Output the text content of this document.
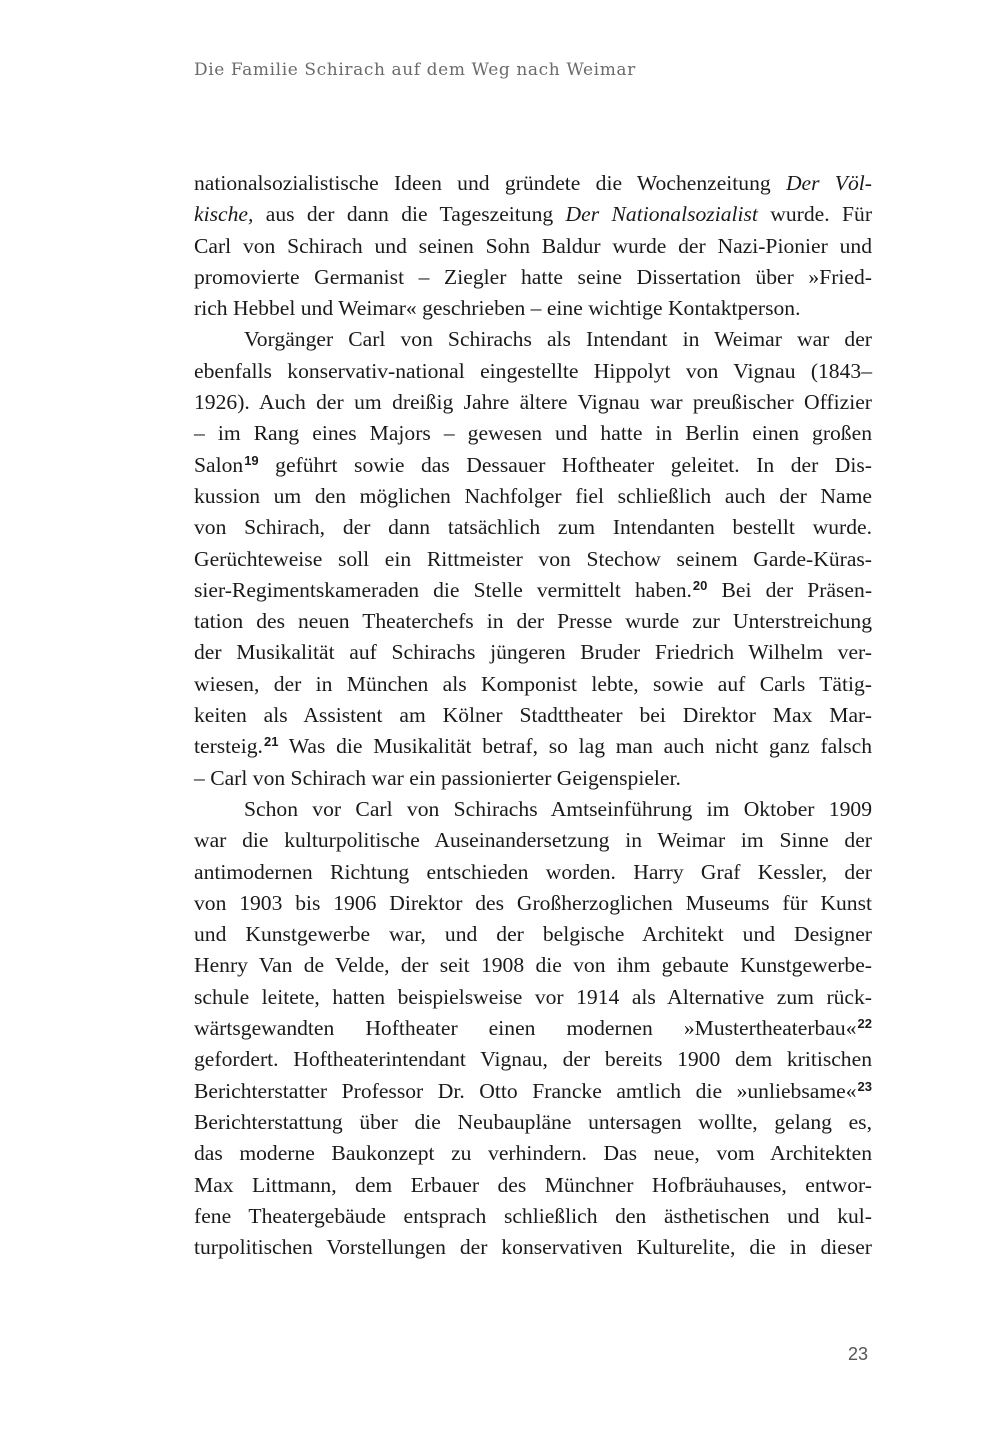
Die Familie Schirach auf dem Weg nach Weimar
nationalsozialistische Ideen und gründete die Wochenzeitung Der Völ-
kische, aus der dann die Tageszeitung Der Nationalsozialist wurde. Für
Carl von Schirach und seinen Sohn Baldur wurde der Nazi-Pionier und
promovierte Germanist – Ziegler hatte seine Dissertation über »Fried-
rich Hebbel und Weimar« geschrieben – eine wichtige Kontaktperson.
Vorgänger Carl von Schirachs als Intendant in Weimar war der
ebenfalls konservativ-national eingestellte Hippolyt von Vignau (1843–
1926). Auch der um dreißig Jahre ältere Vignau war preußischer Offizier
– im Rang eines Majors – gewesen und hatte in Berlin einen großen
Salon$^{19}$ geführt sowie das Dessauer Hoftheater geleitet. In der Dis-
kussion um den möglichen Nachfolger fiel schließlich auch der Name
von Schirach, der dann tatsächlich zum Intendanten bestellt wurde.
Gerüchteweise soll ein Rittmeister von Stechow seinem Garde-Küras-
sier-Regimentskameraden die Stelle vermittelt haben.$^{20}$ Bei der Präsen-
tation des neuen Theaterchefs in der Presse wurde zur Unterstreichung
der Musikalität auf Schirachs jüngeren Bruder Friedrich Wilhelm ver-
wiesen, der in München als Komponist lebte, sowie auf Carls Tätig-
keiten als Assistent am Kölner Stadttheater bei Direktor Max Mar-
tersteig.$^{21}$ Was die Musikalität betraf, so lag man auch nicht ganz falsch
– Carl von Schirach war ein passionierter Geigenspieler.
Schon vor Carl von Schirachs Amtseinführung im Oktober 1909
war die kulturpolitische Auseinandersetzung in Weimar im Sinne der
antimodernen Richtung entschieden worden. Harry Graf Kessler, der
von 1903 bis 1906 Direktor des Großherzoglichen Museums für Kunst
und Kunstgewerbe war, und der belgische Architekt und Designer
Henry Van de Velde, der seit 1908 die von ihm gebaute Kunstgewerbe-
schule leitete, hatten beispielsweise vor 1914 als Alternative zum rück-
wärtsgewandten Hoftheater einen modernen »Mustertheaterbau«$^{22}$
gefordert. Hoftheaterintendant Vignau, der bereits 1900 dem kritischen
Berichterstatter Professor Dr. Otto Francke amtlich die »unliebsame«$^{23}$
Berichterstattung über die Neubaupläne untersagen wollte, gelang es,
das moderne Baukonzept zu verhindern. Das neue, vom Architekten
Max Littmann, dem Erbauer des Münchner Hofbräuhauses, entwor-
fene Theatergebäude entsprach schließlich den ästhetischen und kul-
turpolitischen Vorstellungen der konservativen Kulturelite, die in dieser
23
